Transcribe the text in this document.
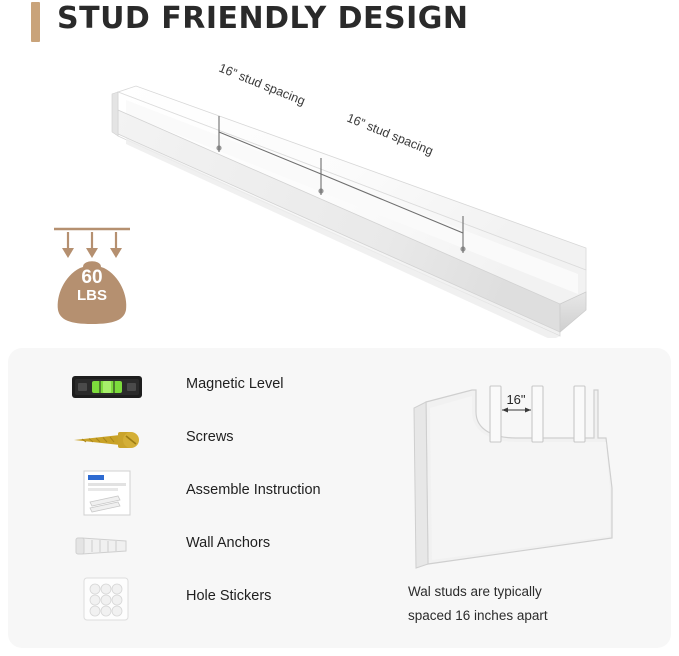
STUD FRIENDLY DESIGN
16” stud spacing
16” stud spacing
60
LBS
Magnetic Level
Screws
Assemble Instruction
Wall Anchors
Hole Stickers
16"
Wal studs are typically
spaced 16 inches apart
